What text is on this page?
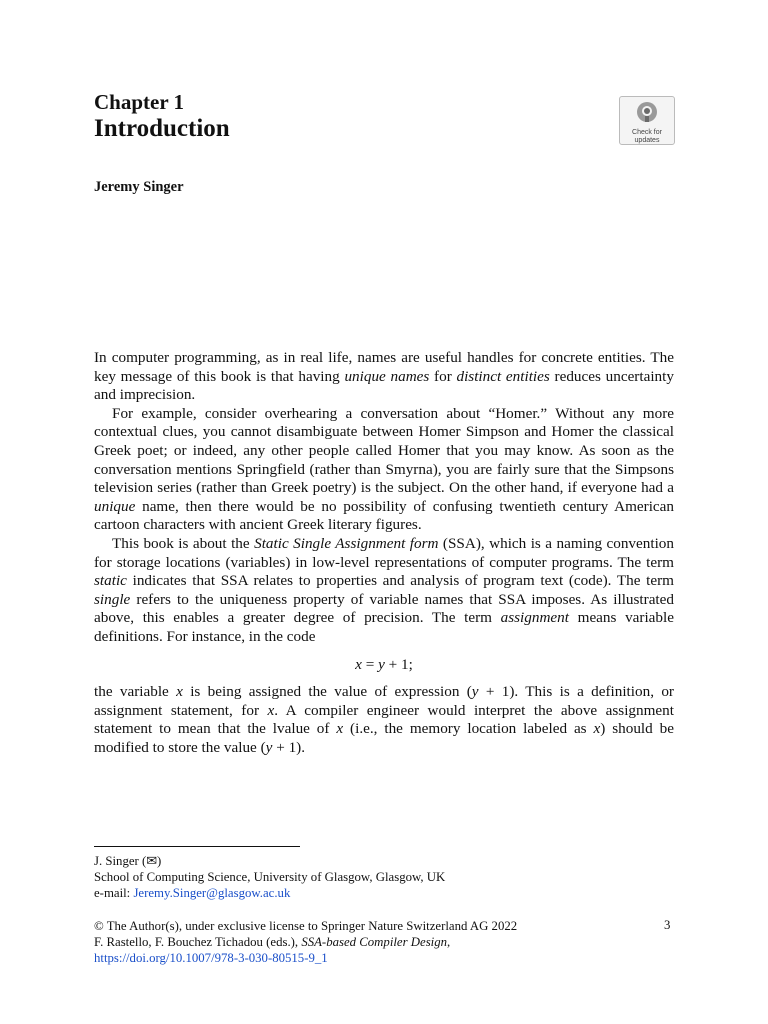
Chapter 1
Introduction	Check for
updates
Jeremy Singer

In computer programming, as in real life, names are useful handles for concrete entities. The key message of this book is that having unique names for distinct entities reduces uncertainty and imprecision.

For example, consider overhearing a conversation about “Homer.” Without any more contextual clues, you cannot disambiguate between Homer Simpson and Homer the classical Greek poet; or indeed, any other people called Homer that you may know. As soon as the conversation mentions Springfield (rather than Smyrna), you are fairly sure that the Simpsons television series (rather than Greek poetry) is the subject. On the other hand, if everyone had a unique name, then there would be no possibility of confusing twentieth century American cartoon characters with ancient Greek literary figures.

This book is about the Static Single Assignment form (SSA), which is a naming convention for storage locations (variables) in low-level representations of computer programs. The term static indicates that SSA relates to properties and analysis of program text (code). The term single refers to the uniqueness property of variable names that SSA imposes. As illustrated above, this enables a greater degree of precision. The term assignment means variable definitions. For instance, in the code

x = y + 1;

the variable x is being assigned the value of expression (y + 1). This is a definition, or assignment statement, for x. A compiler engineer would interpret the above assignment statement to mean that the lvalue of x (i.e., the memory location labeled as x) should be modified to store the value (y + 1).

J. Singer (✉)
School of Computing Science, University of Glasgow, Glasgow, UK
e-mail: Jeremy.Singer@glasgow.ac.uk
© The Author(s), under exclusive license to Springer Nature Switzerland AG 2022
F. Rastello, F. Bouchez Tichadou (eds.), SSA-based Compiler Design,
https://doi.org/10.1007/978-3-030-80515-9_1
3
